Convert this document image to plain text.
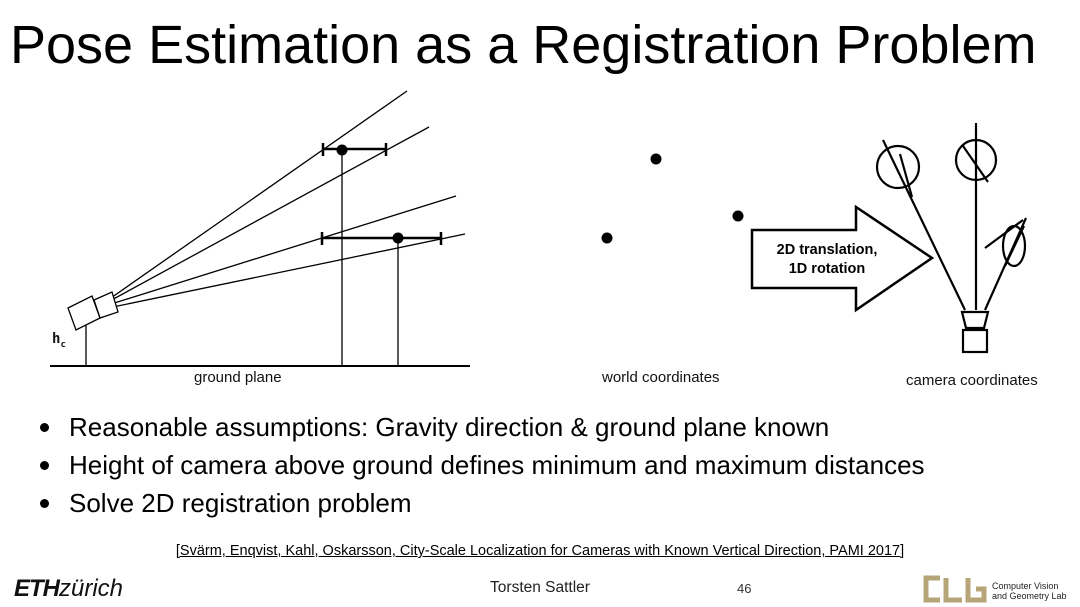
Pose Estimation as a Registration Problem
$h_c$
ground plane	world coordinates
2D translation,
1D rotation
camera coordinates
Reasonable assumptions: Gravity direction & ground plane known
Height of camera above ground defines minimum and maximum distances
Solve 2D registration problem
[Svärm, Enqvist, Kahl, Oskarsson, City-Scale Localization for Cameras with Known Vertical Direction, PAMI 2017]
ETHzürich	Torsten Sattler	46	Computer Vision
and Geometry Lab
